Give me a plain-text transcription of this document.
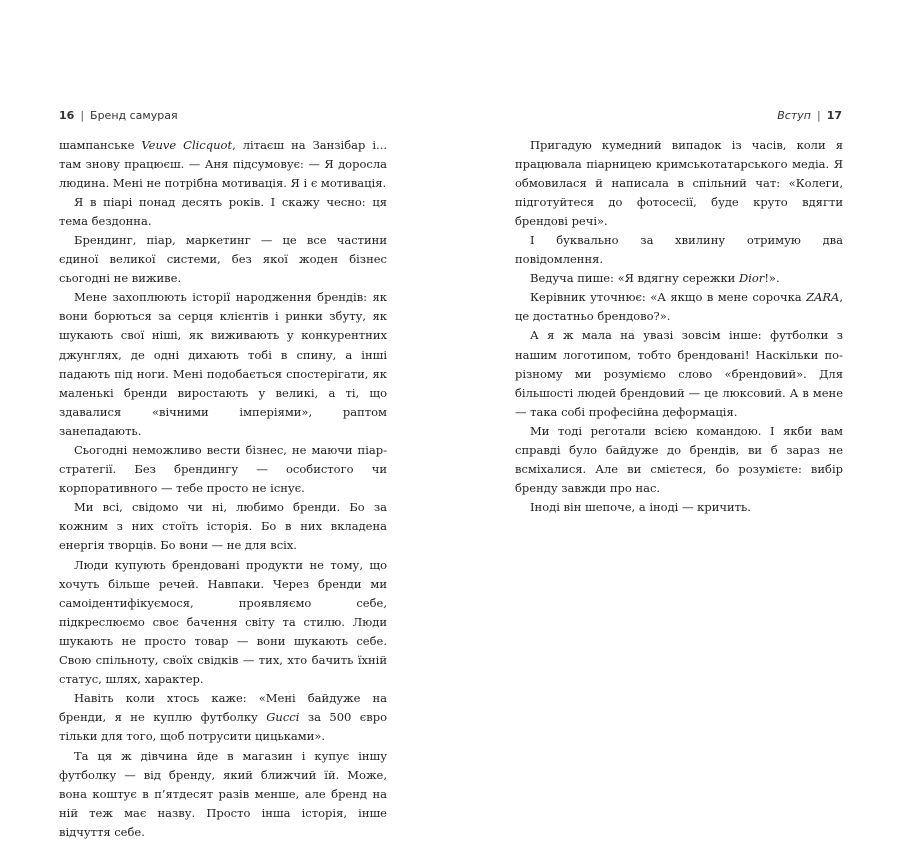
16 | Бренд самурая	Вступ | 17

шампанське Veuve Clicquot, літаєш на Занзібар і... там знову працюєш. — Аня підсумовує: — Я доросла людина. Мені не потрібна мотивація. Я і є мотивація.

Я в піарі понад десять років. І скажу чесно: ця тема бездонна.

Брендинг, піар, маркетинг — це все частини єдиної великої системи, без якої жоден бізнес сьогодні не виживе.

Мене захоплюють історії народження брендів: як вони борються за серця клієнтів і ринки збуту, як шукають свої ніші, як виживають у конкурентних джунглях, де одні дихають тобі в спину, а інші падають під ноги. Мені подобається спостерігати, як маленькі бренди виростають у великі, а ті, що здавалися «вічними імперіями», раптом занепадають.

Сьогодні неможливо вести бізнес, не маючи піар-стратегії. Без брендингу — особистого чи корпоративного — тебе просто не існує.

Ми всі, свідомо чи ні, любимо бренди. Бо за кожним з них стоїть історія. Бо в них вкладена енергія творців. Бо вони — не для всіх.

Люди купують брендовані продукти не тому, що хочуть більше речей. Навпаки. Через бренди ми самоідентифікуємося, проявляємо себе, підкреслюємо своє бачення світу та стилю. Люди шукають не просто товар — вони шукають себе. Свою спільноту, своїх свідків — тих, хто бачить їхній статус, шлях, характер.

Навіть коли хтось каже: «Мені байдуже на бренди, я не куплю футболку Gucci за 500 євро тільки для того, щоб потрусити цицьками».

Та ця ж дівчина йде в магазин і купує іншу футболку — від бренду, який ближчий їй. Може, вона коштує в п’ятдесят разів менше, але бренд на ній теж має назву. Просто інша історія, інше відчуття себе.

Пригадую кумедний випадок із часів, коли я працювала піарницею кримськотатарського медіа. Я обмовилася й написала в спільний чат: «Колеги, підготуйтеся до фотосесії, буде круто вдягти брендові речі».

І буквально за хвилину отримую два повідомлення.

Ведуча пише: «Я вдягну сережки Dior!».

Керівник уточнює: «А якщо в мене сорочка ZARA, це достатньо брендово?».

А я ж мала на увазі зовсім інше: футболки з нашим логотипом, тобто брендовані! Наскільки по-різному ми розуміємо слово «брендовий». Для більшості людей брендовий — це люксовий. А в мене — така собі професійна деформація.

Ми тоді реготали всією командою. І якби вам справді було байдуже до брендів, ви б зараз не всміхалися. Але ви смієтеся, бо розумієте: вибір бренду завжди про нас.

Іноді він шепоче, а іноді — кричить.
